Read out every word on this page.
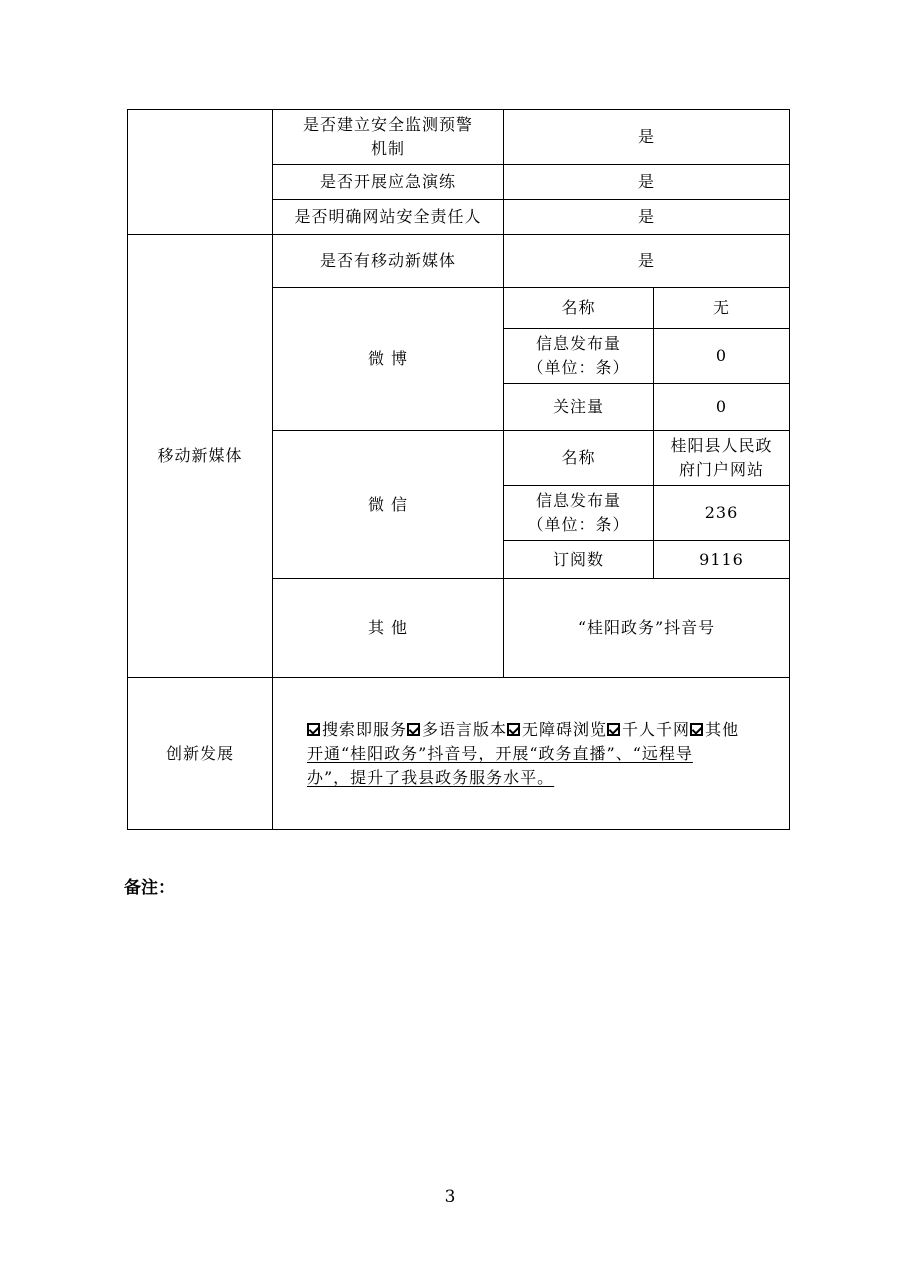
	是否建立安全监测预警
机制	是	
	是否开展应急演练	是	
	是否明确网站安全责任人	是	
移动新媒体	是否有移动新媒体	是	
	微 博	名称	无

		信息发布量
（单位：条）	0
		关注量	0
	微 信	名称	桂阳县人民政
府门户网站

		信息发布量
（单位：条）	236
		订阅数	9116
	其 他	“桂阳政务”抖音号	
创新发展	搜索即服务 多语言版本 无障碍浏览 千人千网 其他
开通“桂阳政务”抖音号，开展“政务直播”、“远程导
办”，提升了我县政务服务水平。		
备注：
3
